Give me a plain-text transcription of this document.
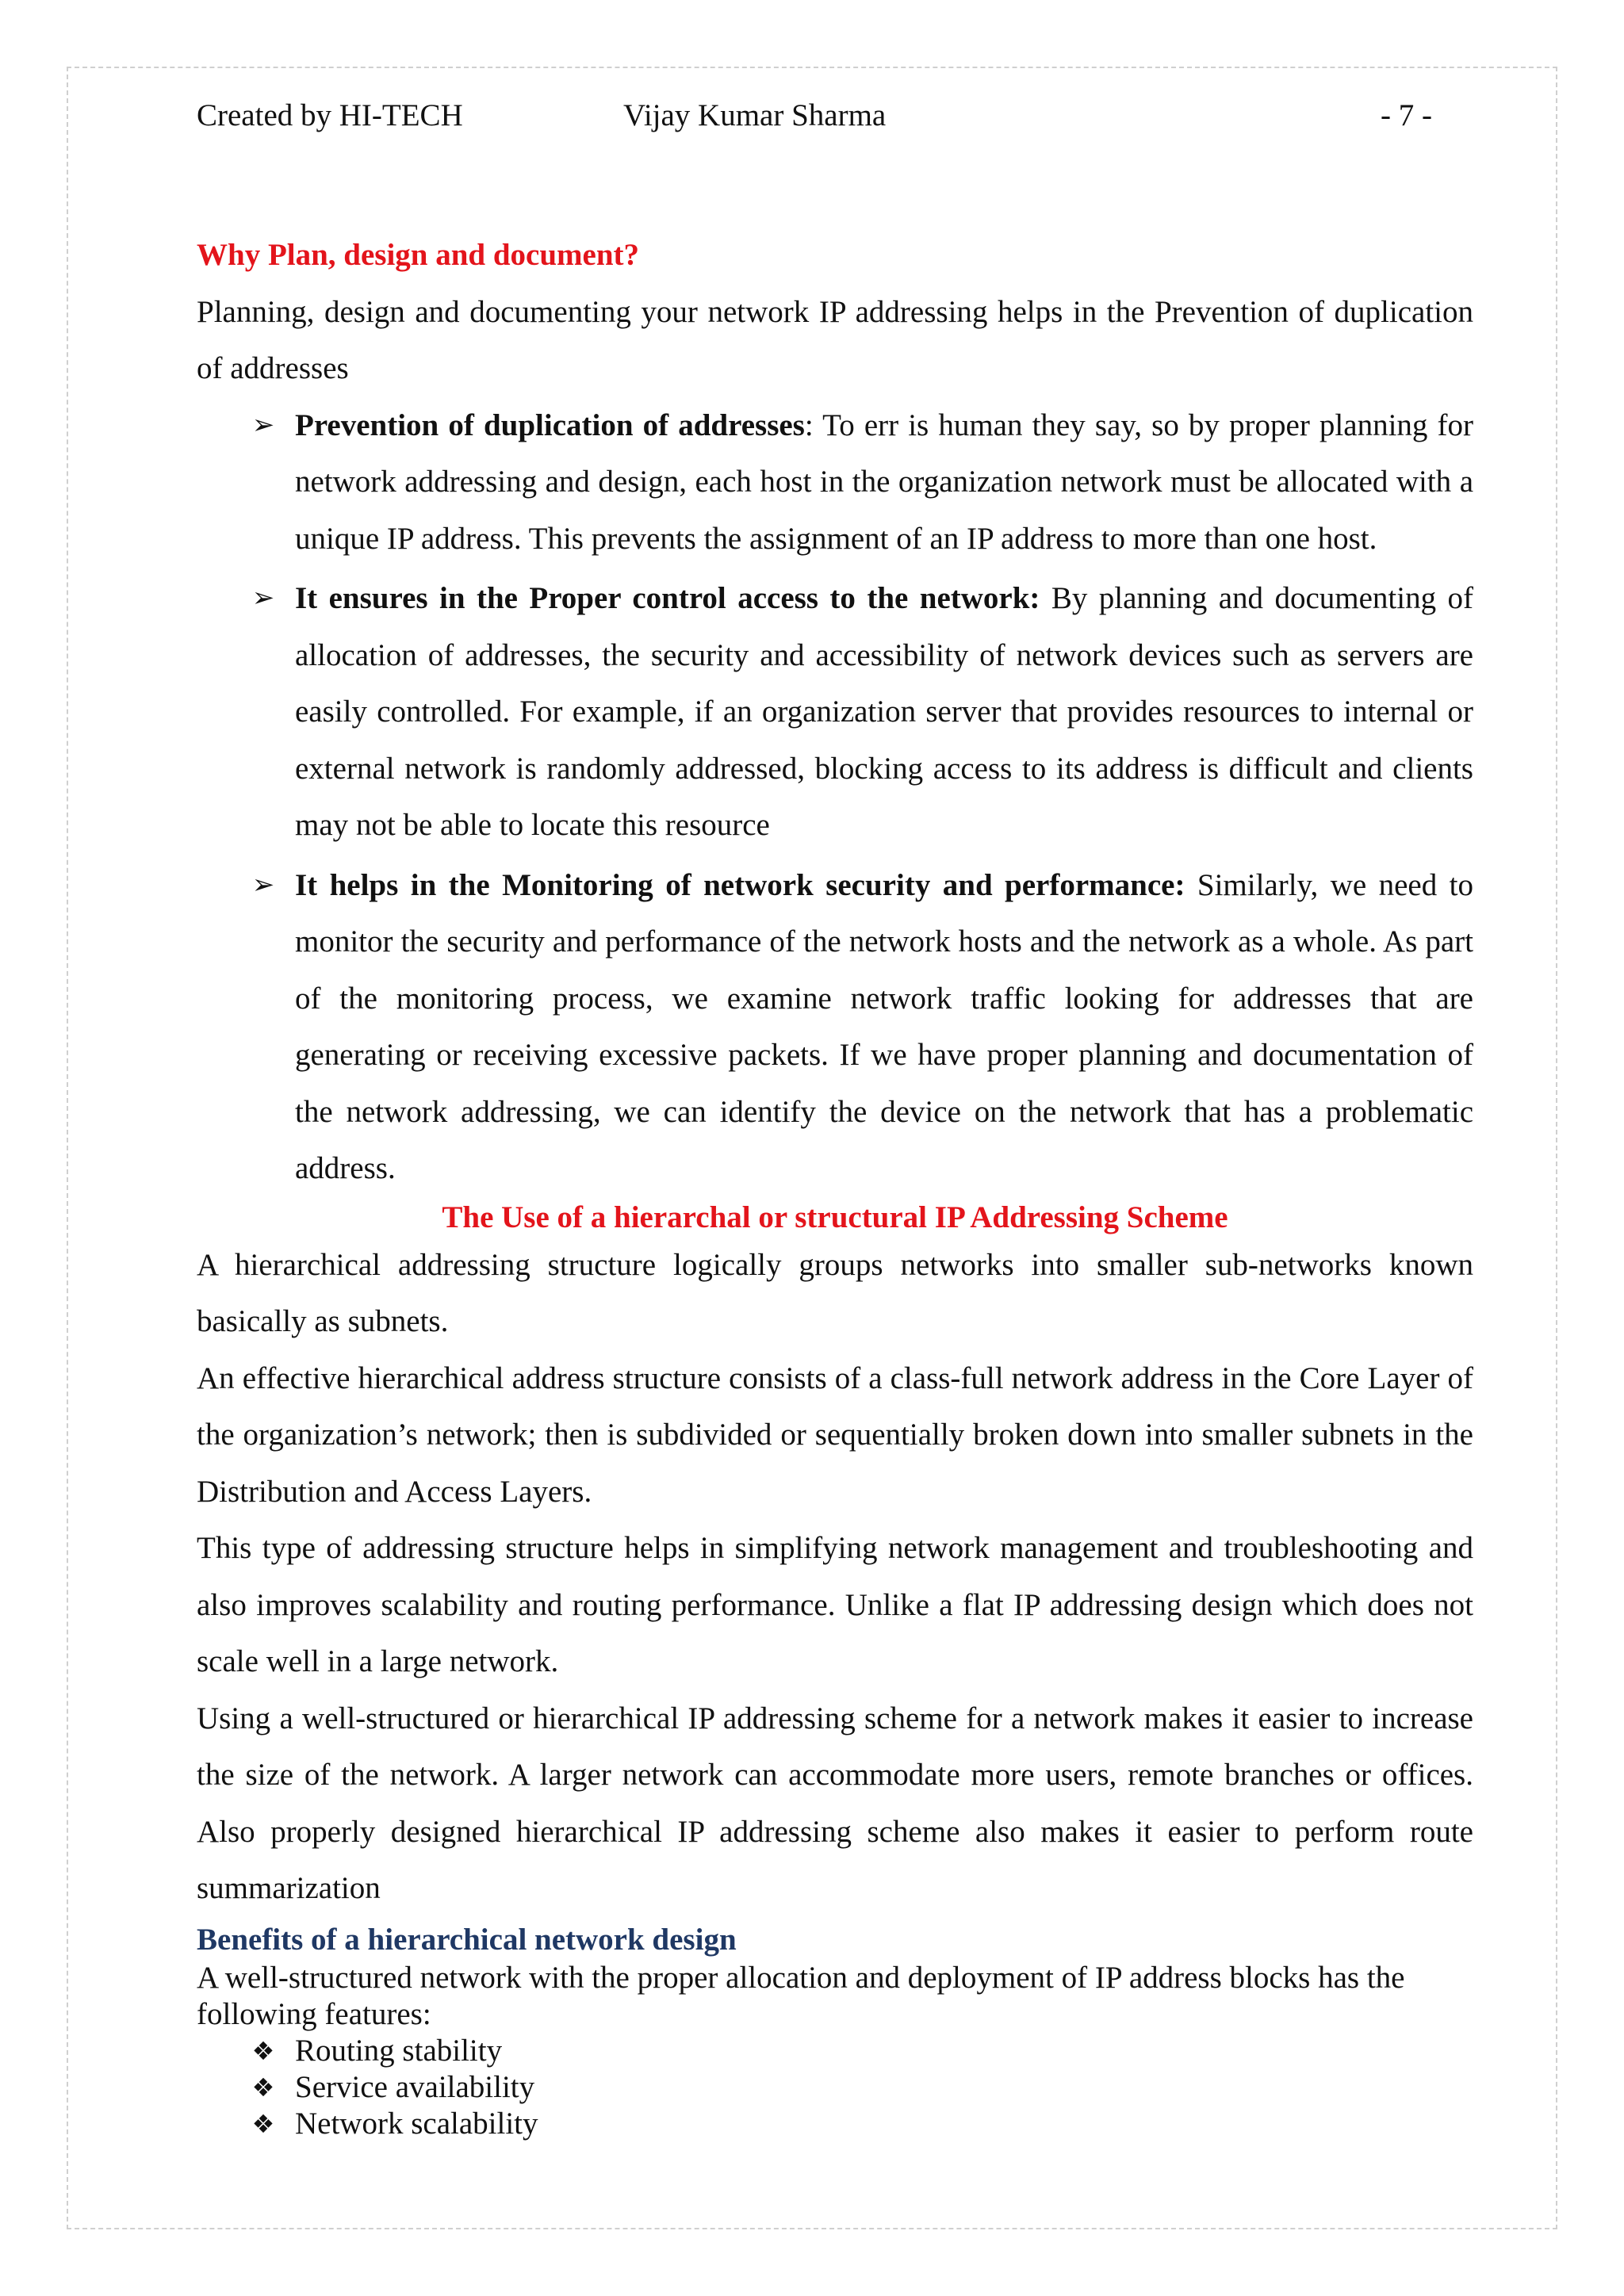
Created by HI-TECH	Vijay Kumar Sharma	- 7 -
Why Plan, design and document?

Planning, design and documenting your network IP addressing helps in the Prevention of duplication of addresses

➢ Prevention of duplication of addresses: To err is human they say, so by proper planning for network addressing and design, each host in the organization network must be allocated with a unique IP address. This prevents the assignment of an IP address to more than one host.
➢ It ensures in the Proper control access to the network: By planning and documenting of allocation of addresses, the security and accessibility of network devices such as servers are easily controlled. For example, if an organization server that provides resources to internal or external network is randomly addressed, blocking access to its address is difficult and clients may not be able to locate this resource
➢ It helps in the Monitoring of network security and performance: Similarly, we need to monitor the security and performance of the network hosts and the network as a whole. As part of the monitoring process, we examine network traffic looking for addresses that are generating or receiving excessive packets. If we have proper planning and documentation of the network addressing, we can identify the device on the network that has a problematic address.
The Use of a hierarchal or structural IP Addressing Scheme

A hierarchical addressing structure logically groups networks into smaller sub-networks known basically as subnets.

An effective hierarchical address structure consists of a class-full network address in the Core Layer of the organization’s network; then is subdivided or sequentially broken down into smaller subnets in the Distribution and Access Layers.

This type of addressing structure helps in simplifying network management and troubleshooting and also improves scalability and routing performance. Unlike a flat IP addressing design which does not scale well in a large network.

Using a well-structured or hierarchical IP addressing scheme for a network makes it easier to increase the size of the network. A larger network can accommodate more users, remote branches or offices. Also properly designed hierarchical IP addressing scheme also makes it easier to perform route summarization

Benefits of a hierarchical network design

A well-structured network with the proper allocation and deployment of IP address blocks has the following features:

❖ Routing stability
❖ Service availability
❖ Network scalability
